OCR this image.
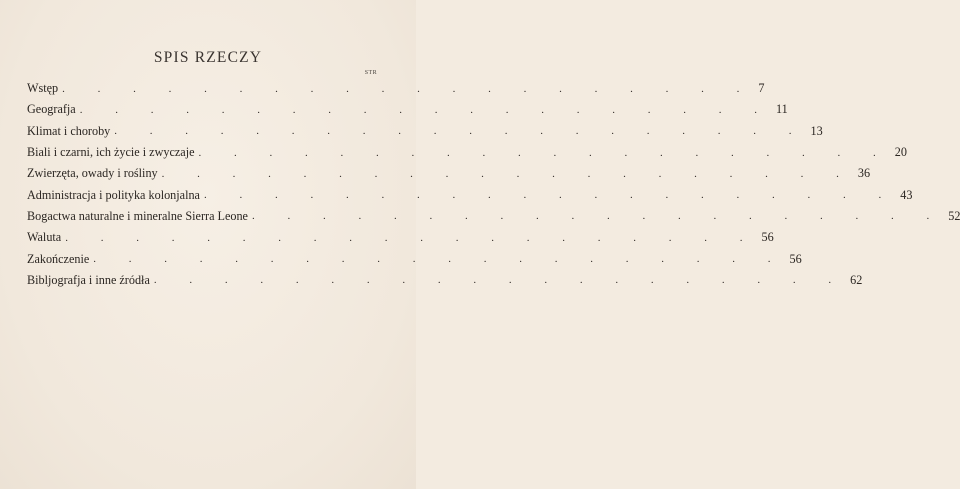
SPIS RZECZY
STR
Wstęp . . . . . . . . . . . . . . . . . . . . 7
Geografja . . . . . . . . . . . . . . . . . . . . 11
Klimat i choroby . . . . . . . . . . . . . . . . . . . . 13
Biali i czarni, ich życie i zwyczaje . . . . . . . . . . . . . . . . . . . . 20
Zwierzęta, owady i rośliny . . . . . . . . . . . . . . . . . . . . 36
Administracja i polityka kolonjalna . . . . . . . . . . . . . . . . . . . . 43
Bogactwa naturalne i mineralne Sierra Leone . . . . . . . . . . . . . . . . . . . . 52
Waluta . . . . . . . . . . . . . . . . . . . . 56
Zakończenie . . . . . . . . . . . . . . . . . . . . 56
Bibljografja i inne źródła . . . . . . . . . . . . . . . . . . . . 62
